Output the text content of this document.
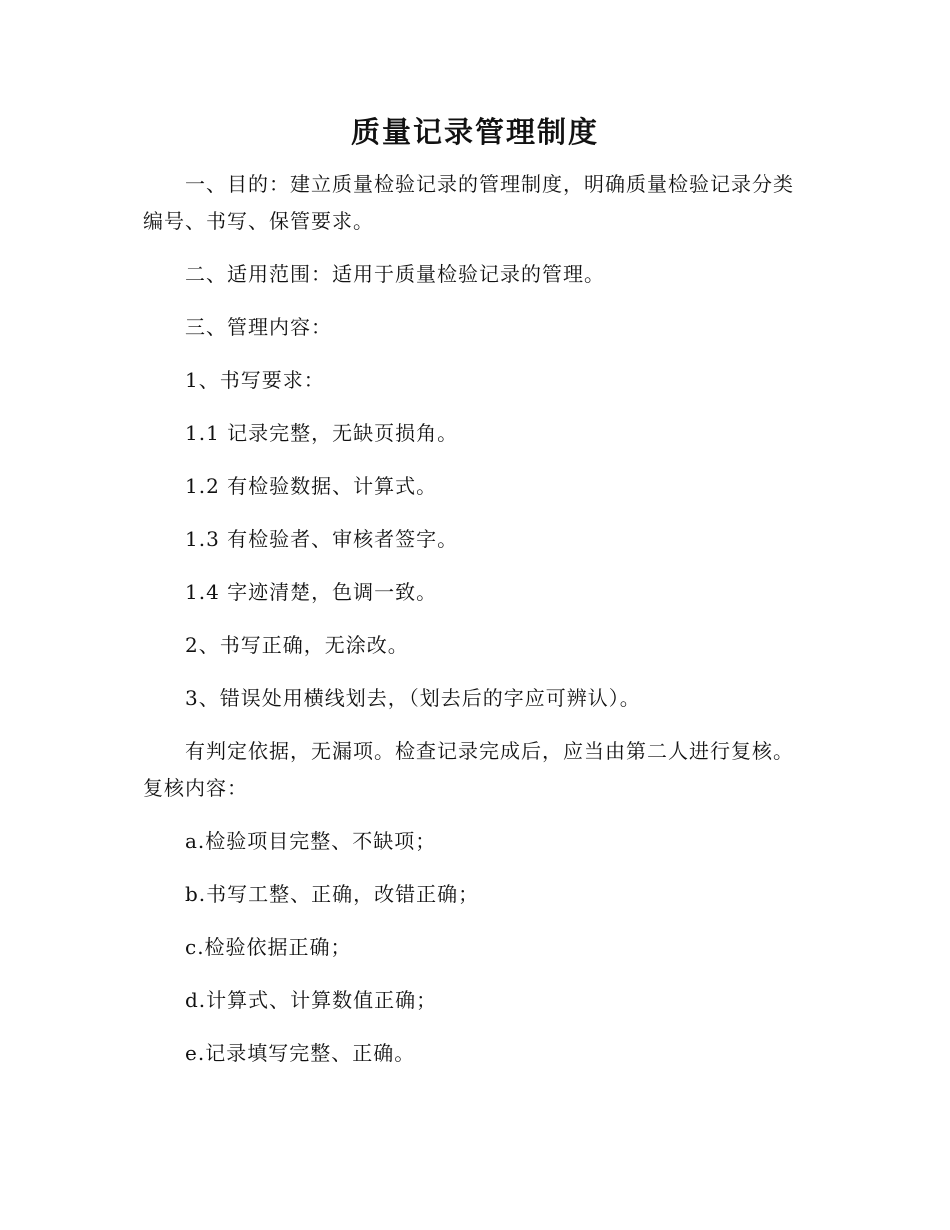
质量记录管理制度

一、目的：建立质量检验记录的管理制度，明确质量检验记录分类编号、书写、保管要求。

二、适用范围：适用于质量检验记录的管理。

三、管理内容：

1、书写要求：

1.1 记录完整，无缺页损角。

1.2 有检验数据、计算式。

1.3 有检验者、审核者签字。

1.4 字迹清楚，色调一致。

2、书写正确，无涂改。

3、错误处用横线划去，（划去后的字应可辨认）。

有判定依据，无漏项。检查记录完成后，应当由第二人进行复核。复核内容：

a.检验项目完整、不缺项；

b.书写工整、正确，改错正确；

c.检验依据正确；

d.计算式、计算数值正确；

e.记录填写完整、正确。
